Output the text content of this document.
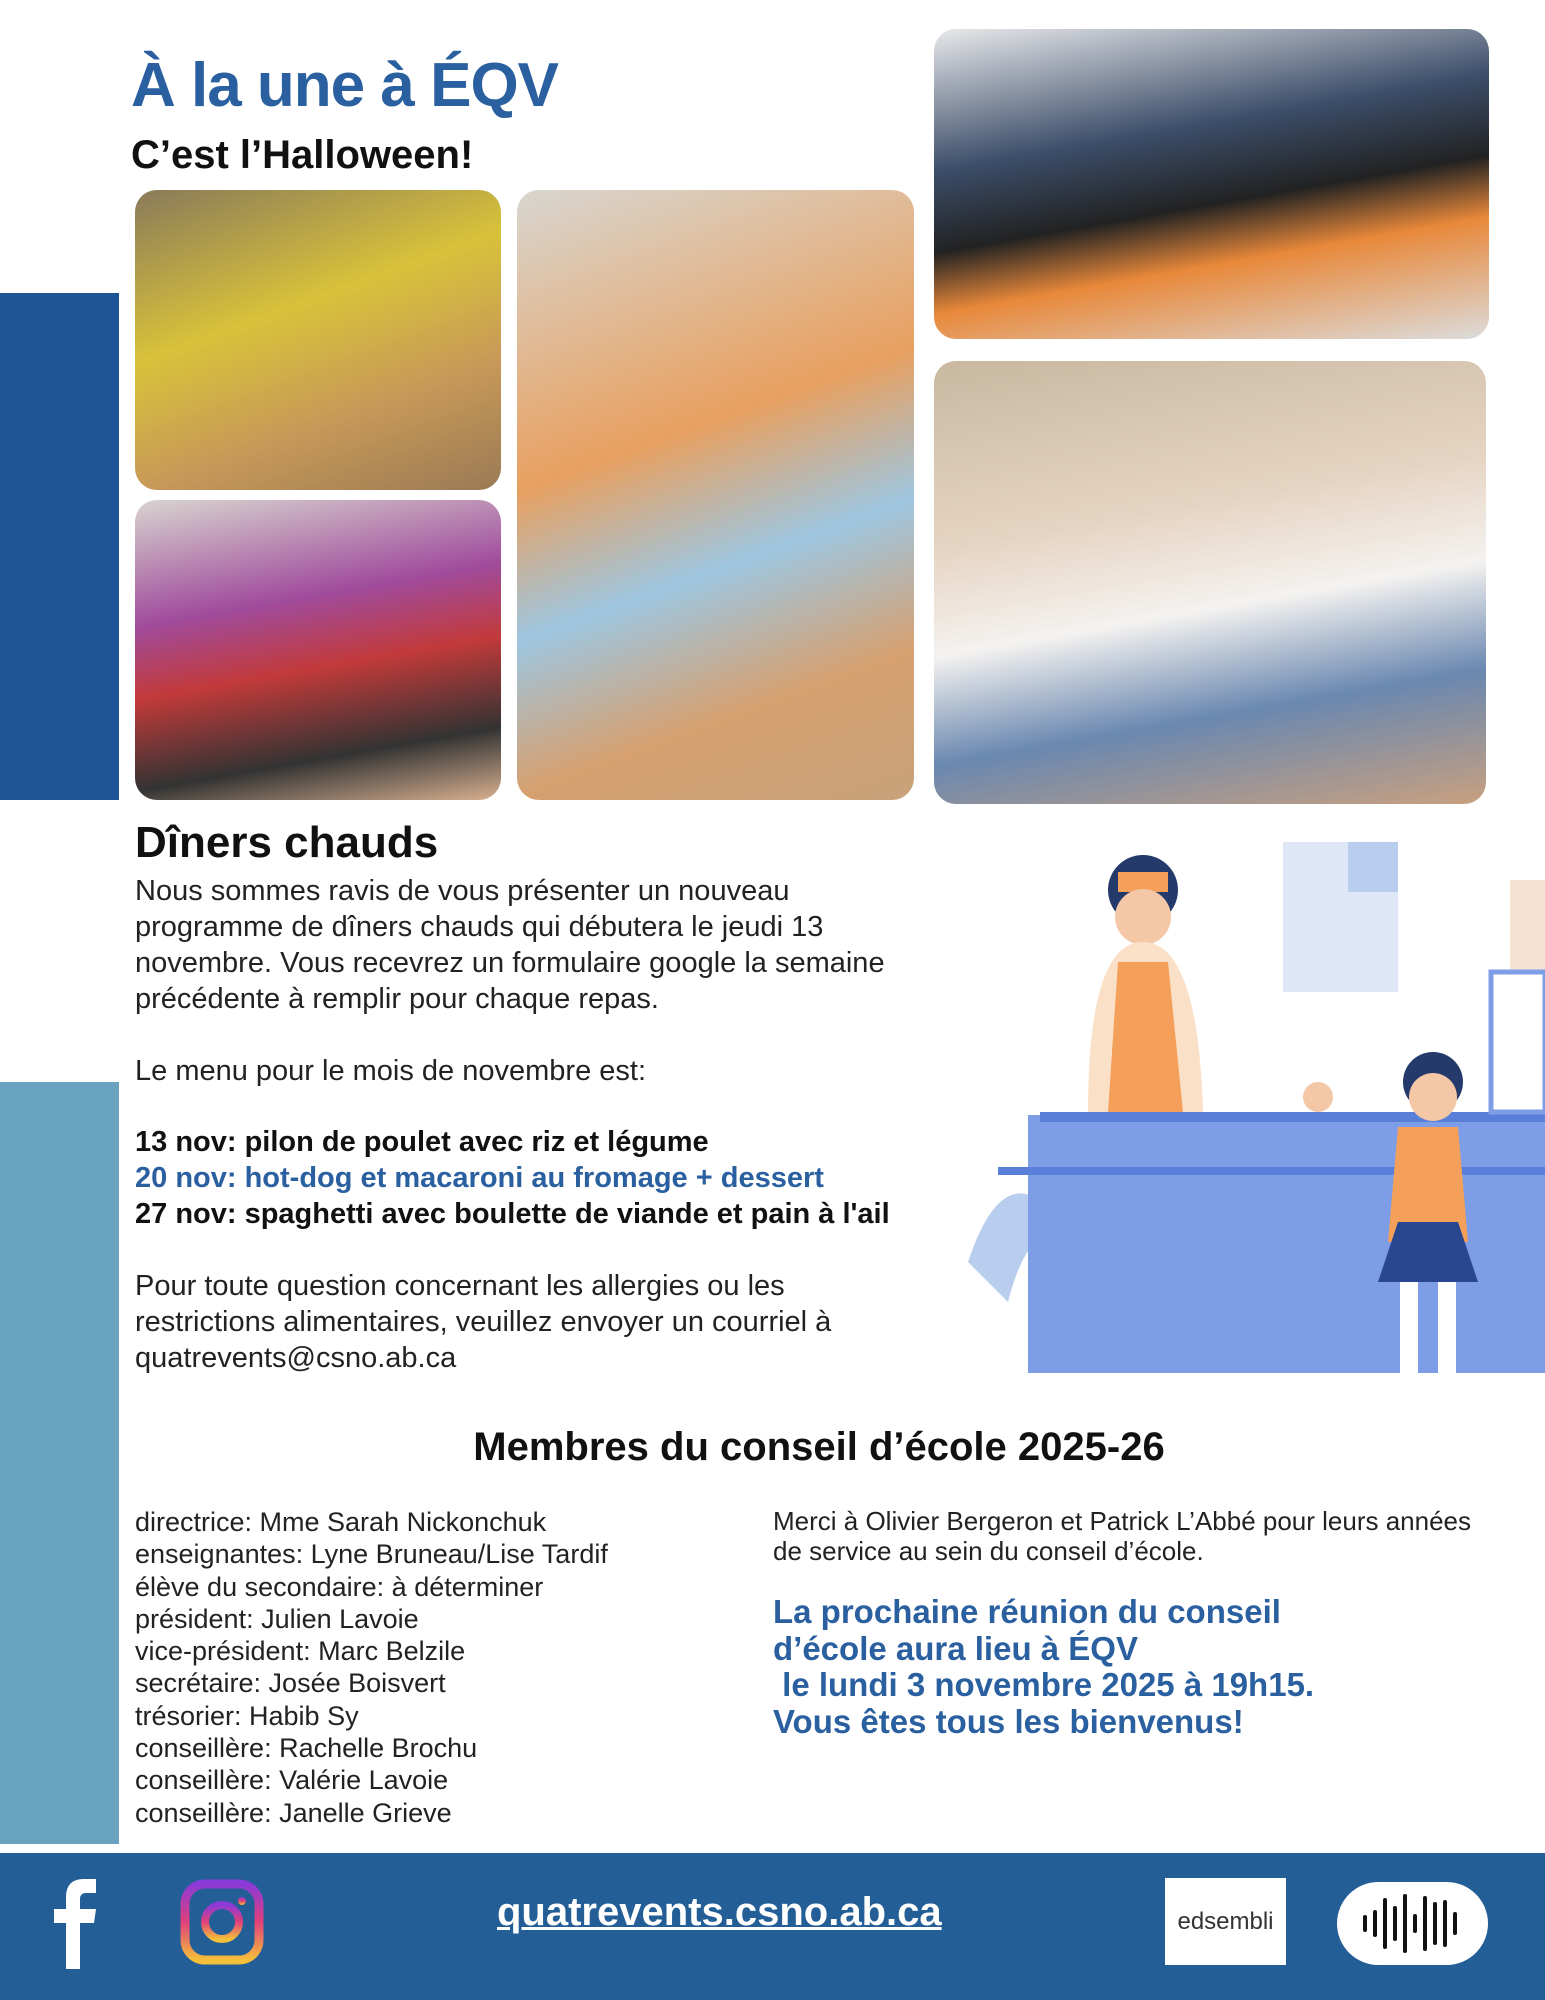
À la une à ÉQV
C’est l’Halloween!
Dîners chauds
Nous sommes ravis de vous présenter un nouveau
programme de dîners chauds qui débutera le jeudi 13
novembre. Vous recevrez un formulaire google la semaine
précédente à remplir pour chaque repas.
Le menu pour le mois de novembre est:
13 nov: pilon de poulet avec riz et légume
20 nov: hot-dog et macaroni au fromage + dessert
27 nov: spaghetti avec boulette de viande et pain à l'ail
Pour toute question concernant les allergies ou les
restrictions alimentaires, veuillez envoyer un courriel à
quatrevents@csno.ab.ca
Membres du conseil d’école 2025-26
directrice: Mme Sarah Nickonchuk
enseignantes: Lyne Bruneau/Lise Tardif
élève du secondaire: à déterminer
président: Julien Lavoie
vice-président: Marc Belzile
secrétaire: Josée Boisvert
trésorier: Habib Sy
conseillère: Rachelle Brochu
conseillère: Valérie Lavoie
conseillère: Janelle Grieve
Merci à Olivier Bergeron et Patrick L’Abbé pour leurs années de service au sein du conseil d’école.
La prochaine réunion du conseil
d’école aura lieu à ÉQV
le lundi 3 novembre 2025 à 19h15.
Vous êtes tous les bienvenus!
quatrevents.csno.ab.ca	edsembli
